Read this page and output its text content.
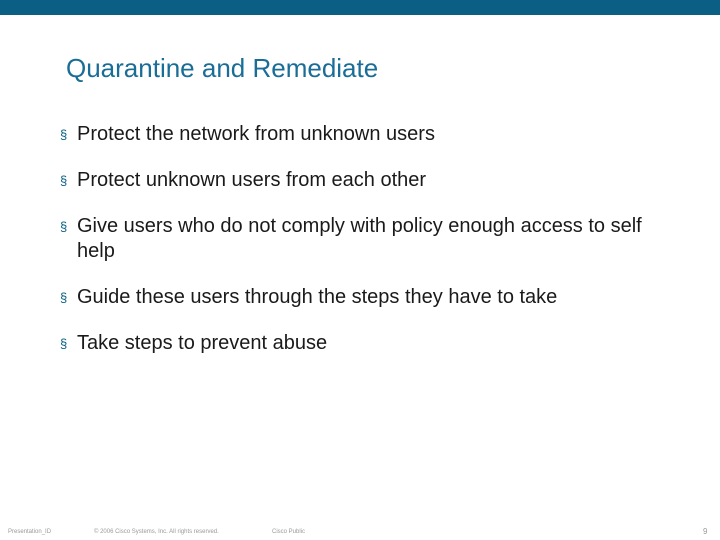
Quarantine and Remediate
§ Protect the network from unknown users
§ Protect unknown users from each other
§ Give users who do not comply with policy enough access to self help
§ Guide these users through the steps they have to take
§ Take steps to prevent abuse
Presentation_ID	© 2006 Cisco Systems, Inc. All rights reserved.	Cisco Public	9
